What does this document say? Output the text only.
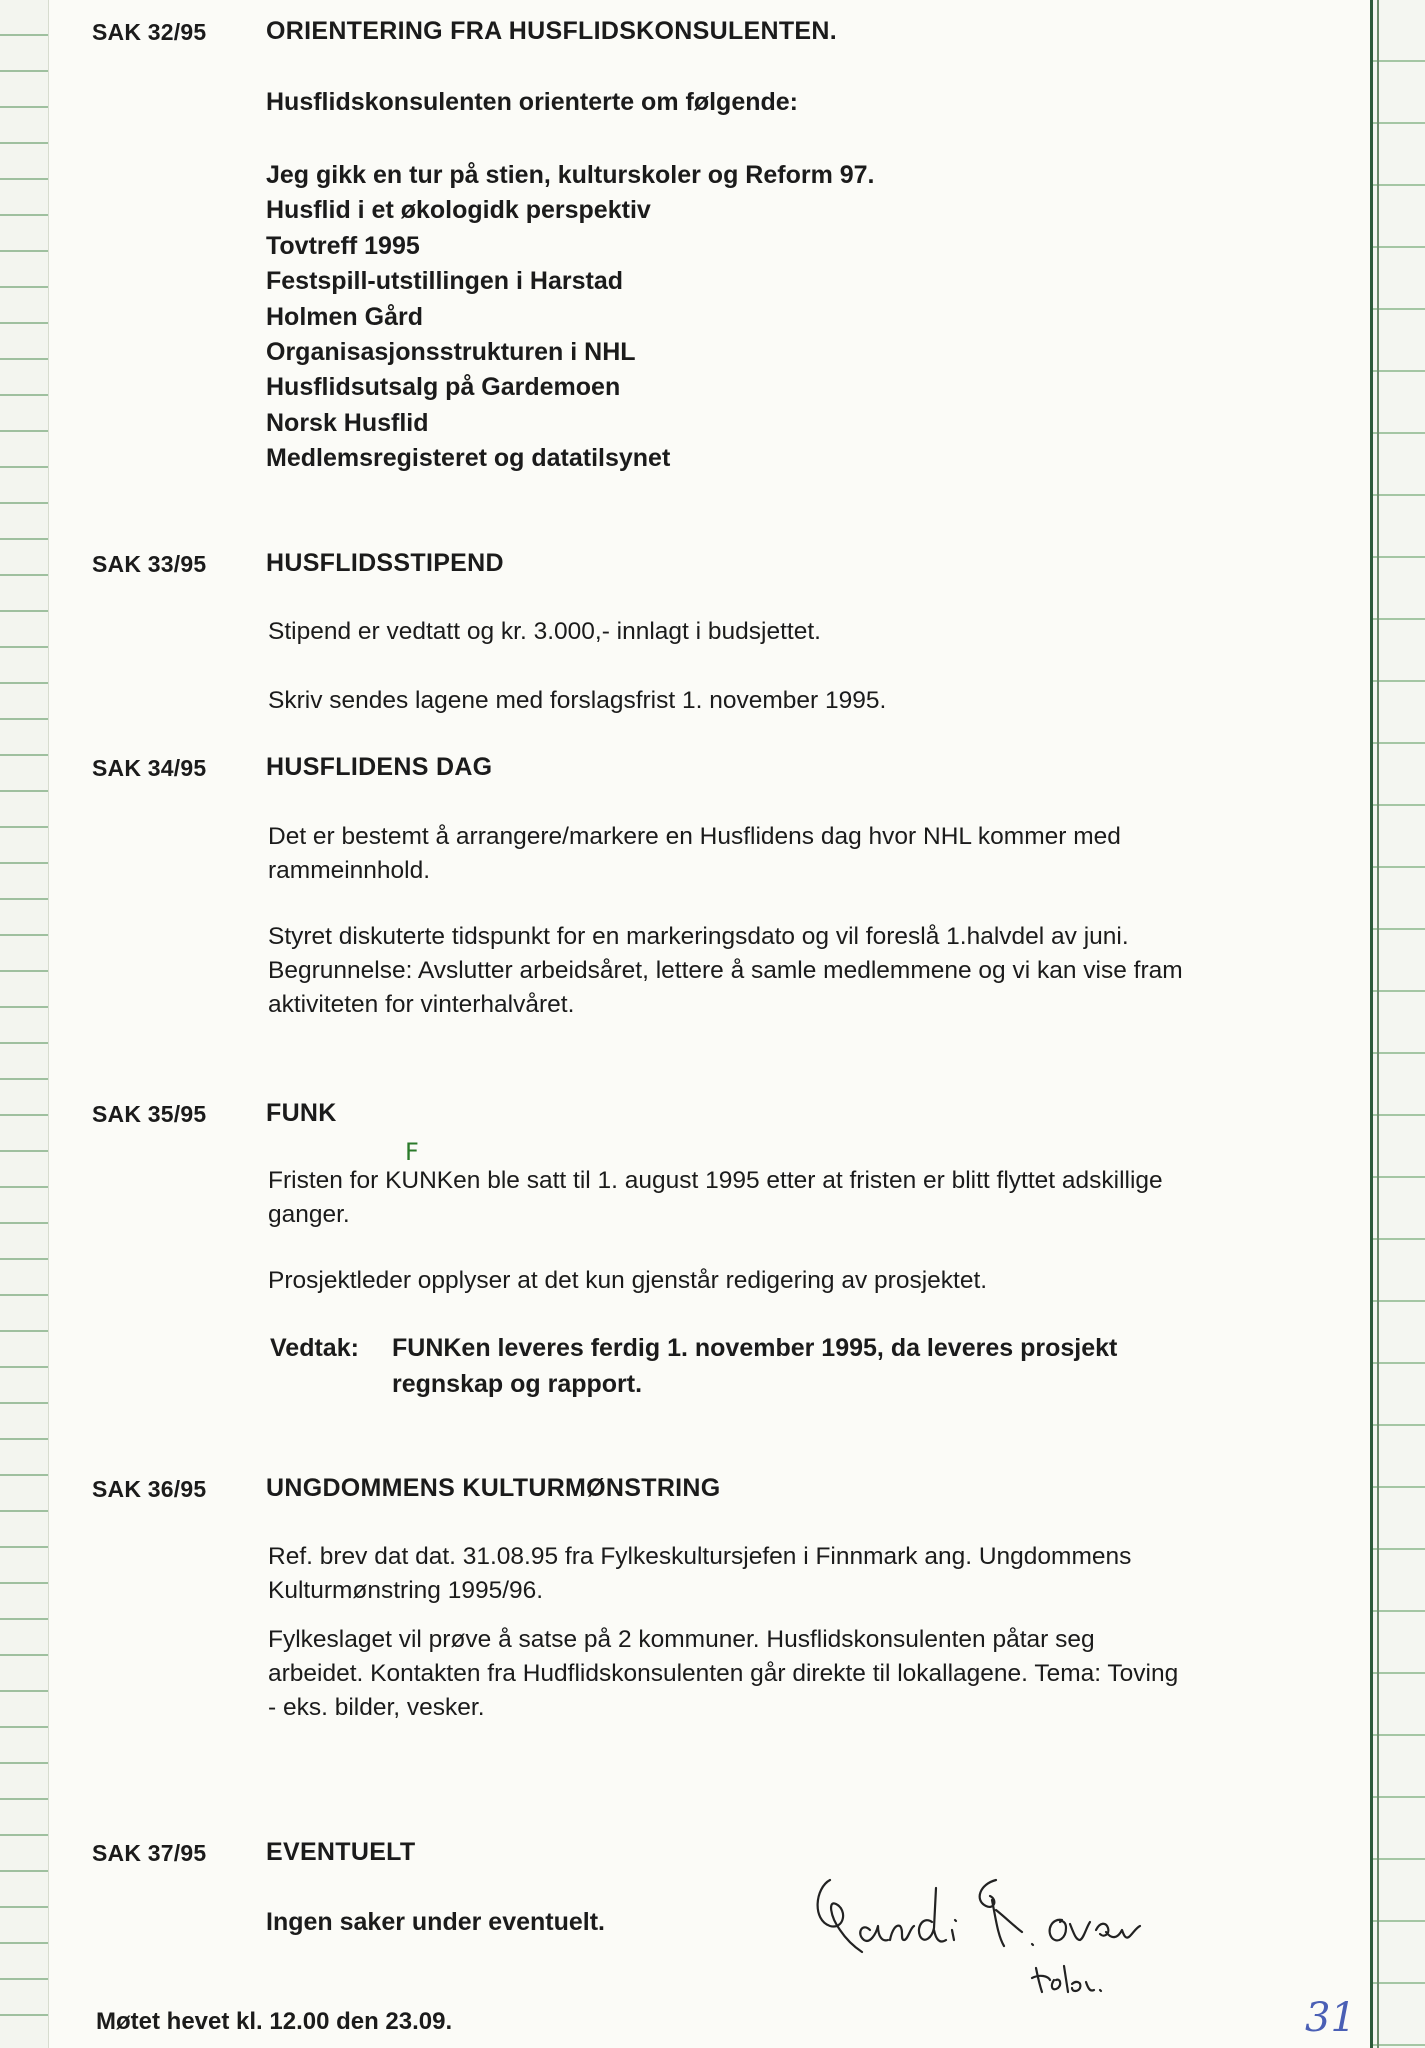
SAK 32/95	ORIENTERING FRA HUSFLIDSKONSULENTEN.
Husflidskonsulenten orienterte om følgende:
Jeg gikk en tur på stien, kulturskoler og Reform 97.
Husflid i et økologidk perspektiv
Tovtreff 1995
Festspill-utstillingen i Harstad
Holmen Gård
Organisasjonsstrukturen i NHL
Husflidsutsalg på Gardemoen
Norsk Husflid
Medlemsregisteret og datatilsynet
SAK 33/95	HUSFLIDSSTIPEND
Stipend er vedtatt og kr. 3.000,- innlagt i budsjettet.
Skriv sendes lagene med forslagsfrist 1. november 1995.
SAK 34/95	HUSFLIDENS DAG
Det er bestemt å arrangere/markere en Husflidens dag hvor NHL kommer med rammeinnhold.
Styret diskuterte tidspunkt for en markeringsdato og vil foreslå 1.halvdel av juni. Begrunnelse: Avslutter arbeidsåret, lettere å samle medlemmene og vi kan vise fram aktiviteten for vinterhalvåret.
SAK 35/95	FUNK
F
Fristen for KUNKen ble satt til 1. august 1995 etter at fristen er blitt flyttet adskillige ganger.
Prosjektleder opplyser at det kun gjenstår redigering av prosjektet.
Vedtak:	FUNKen leveres ferdig 1. november 1995, da leveres prosjekt regnskap og rapport.
SAK 36/95	UNGDOMMENS KULTURMØNSTRING
Ref. brev dat dat. 31.08.95 fra Fylkeskultursjefen i Finnmark ang. Ungdommens Kulturmønstring 1995/96.
Fylkeslaget vil prøve å satse på 2 kommuner. Husflidskonsulenten påtar seg arbeidet. Kontakten fra Hudflidskonsulenten går direkte til lokallagene. Tema: Toving - eks. bilder, vesker.
SAK 37/95	EVENTUELT
Ingen saker under eventuelt.
Møtet hevet kl. 12.00 den 23.09.	31
